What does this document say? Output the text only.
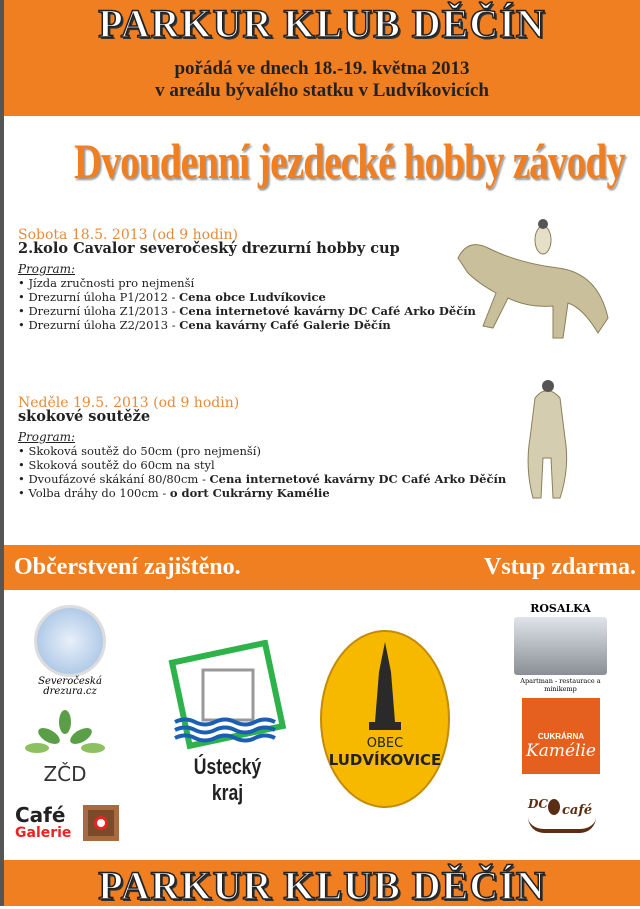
PARKUR KLUB DĚČÍN
pořádá ve dnech 18.-19. května 2013
v areálu bývalého statku v Ludvíkovicích
Dvoudenní jezdecké hobby závody
Sobota 18.5. 2013 (od 9 hodin)
2.kolo Cavalor severočeský drezurní hobby cup
Program:
• Jízda zručnosti pro nejmenší
• Drezurní úloha P1/2012 - Cena obce Ludvíkovice
• Drezurní úloha Z1/2013 - Cena internetové kavárny DC Café Arko Děčín
• Drezurní úloha Z2/2013 - Cena kavárny Café Galerie Děčín
Neděle 19.5. 2013 (od 9 hodin)
skokové soutěže
Program:
• Skoková soutěž do 50cm (pro nejmenší)
• Skoková soutěž do 60cm na styl
• Dvoufázové skákání 80/80cm - Cena internetové kavárny DC Café Arko Děčín
• Volba dráhy do 100cm - o dort Cukrárny Kamélie
Občerstvení zajištěno.	Vstup zdarma.
Severočeská drezura.cz
ZČD
Café
Galerie
Ústecký kraj
OBEC
LUDVÍKOVICE
ROSALKA
Apartman - restaurace a minikemp
CUKRÁRNA
Kamélie
DC café
PARKUR KLUB DĚČÍN
